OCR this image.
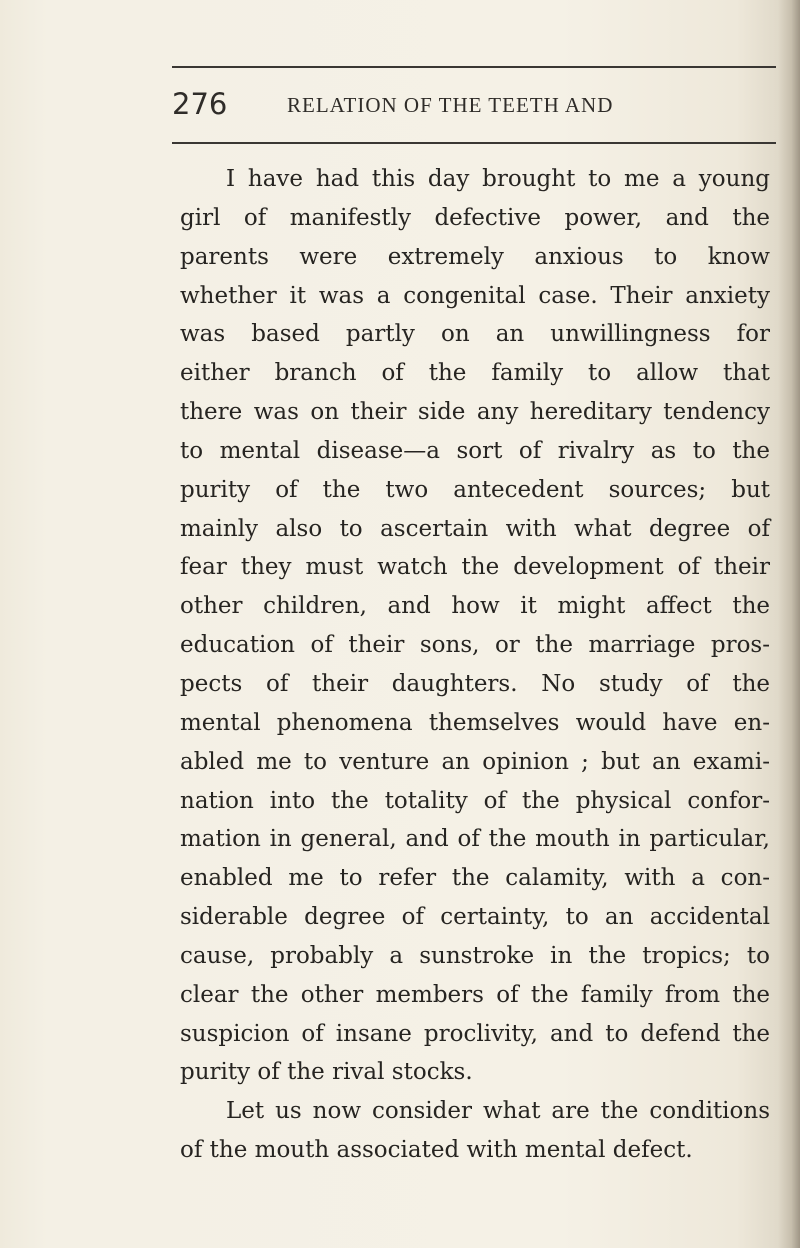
276	RELATION OF THE TEETH AND
I have had this day brought to me a young
girl of manifestly defective power, and the
parents were extremely anxious to know
whether it was a congenital case. Their anxiety
was based partly on an unwillingness for
either branch of the family to allow that
there was on their side any hereditary tendency
to mental disease—a sort of rivalry as to the
purity of the two antecedent sources; but
mainly also to ascertain with what degree of
fear they must watch the development of their
other children, and how it might affect the
education of their sons, or the marriage pros-
pects of their daughters. No study of the
mental phenomena themselves would have en-
abled me to venture an opinion ; but an exami-
nation into the totality of the physical confor-
mation in general, and of the mouth in particular,
enabled me to refer the calamity, with a con-
siderable degree of certainty, to an accidental
cause, probably a sunstroke in the tropics; to
clear the other members of the family from the
suspicion of insane proclivity, and to defend the
purity of the rival stocks.
Let us now consider what are the conditions
of the mouth associated with mental defect.
